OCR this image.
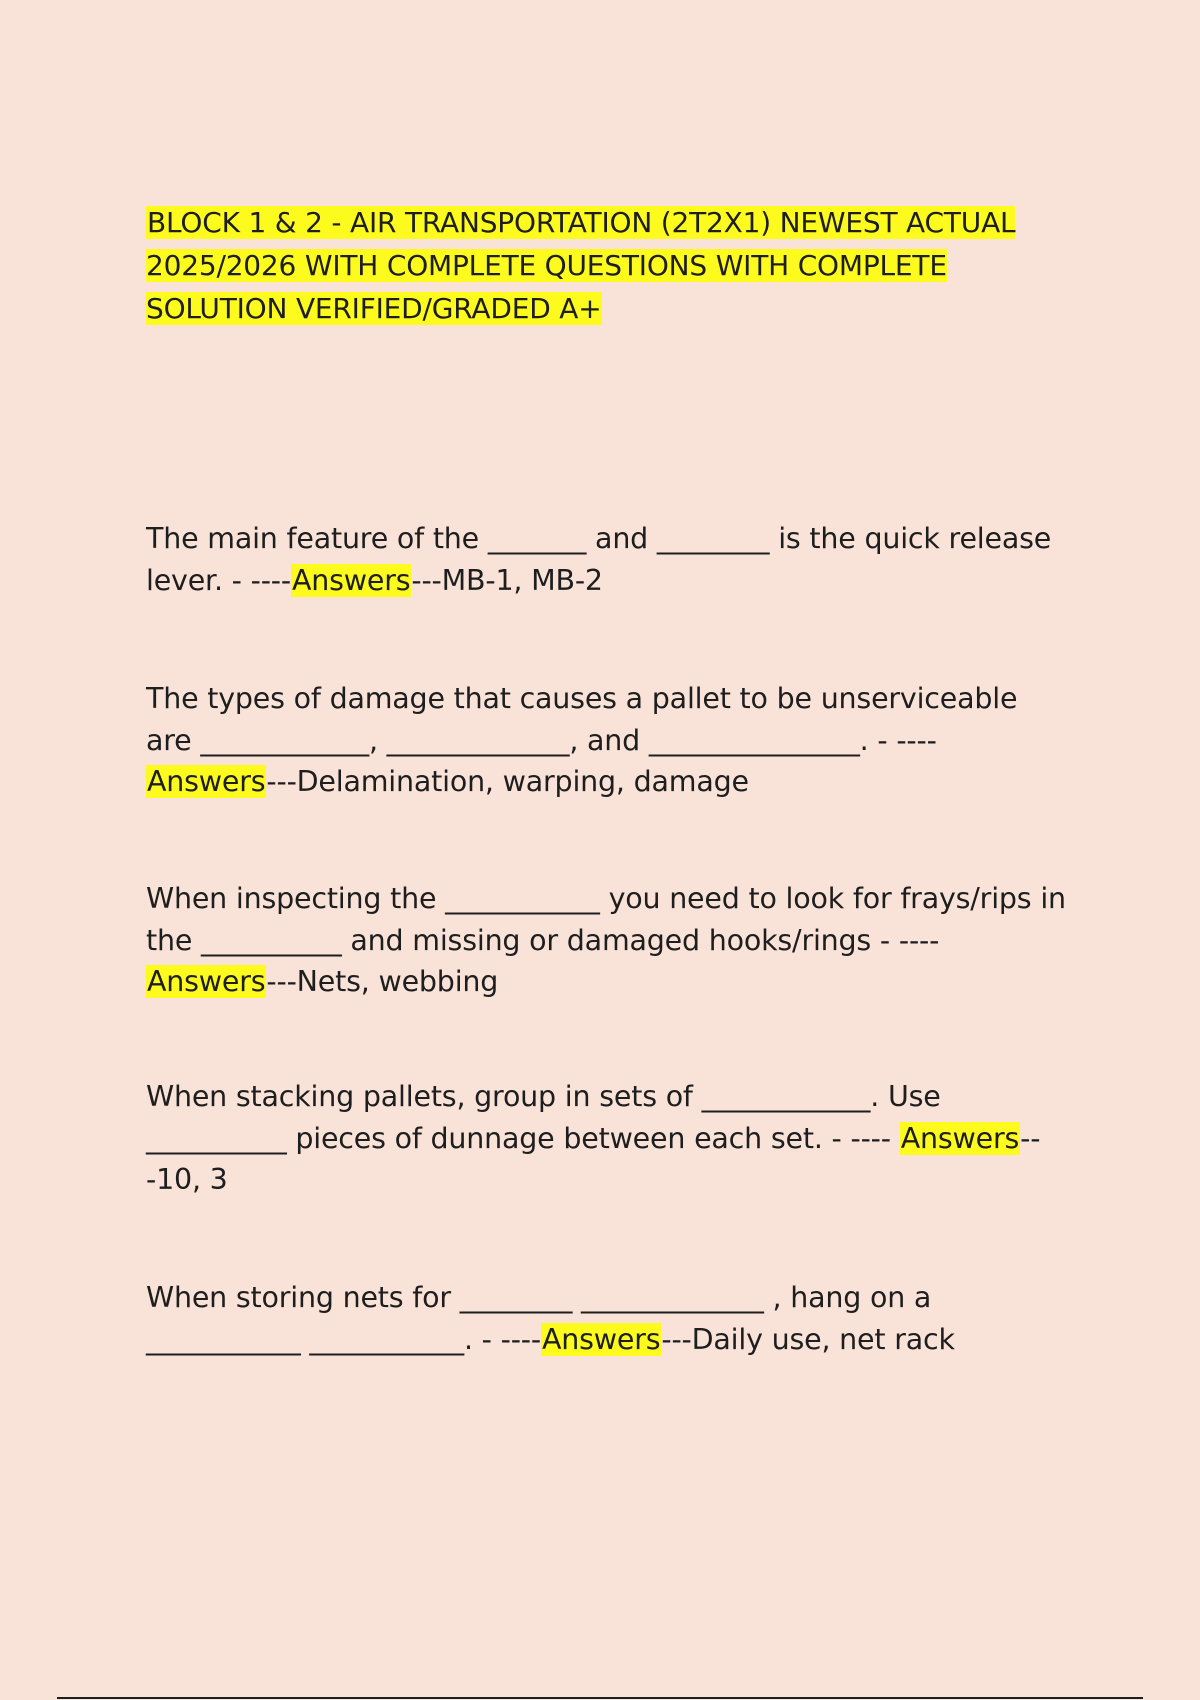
BLOCK 1 & 2 - AIR TRANSPORTATION (2T2X1) NEWEST ACTUAL 2025/2026 WITH COMPLETE QUESTIONS WITH COMPLETE SOLUTION VERIFIED/GRADED A+

The main feature of the _______ and ________ is the quick release lever. - ----Answers---MB-1, MB-2

The types of damage that causes a pallet to be unserviceable are ____________, _____________, and _______________. - ---- Answers---Delamination, warping, damage

When inspecting the ___________ you need to look for frays/rips in the __________ and missing or damaged hooks/rings - ---- Answers---Nets, webbing

When stacking pallets, group in sets of ____________. Use __________ pieces of dunnage between each set. - ---- Answers---10, 3

When storing nets for ________ _____________ , hang on a ___________ ___________. - ----Answers---Daily use, net rack
